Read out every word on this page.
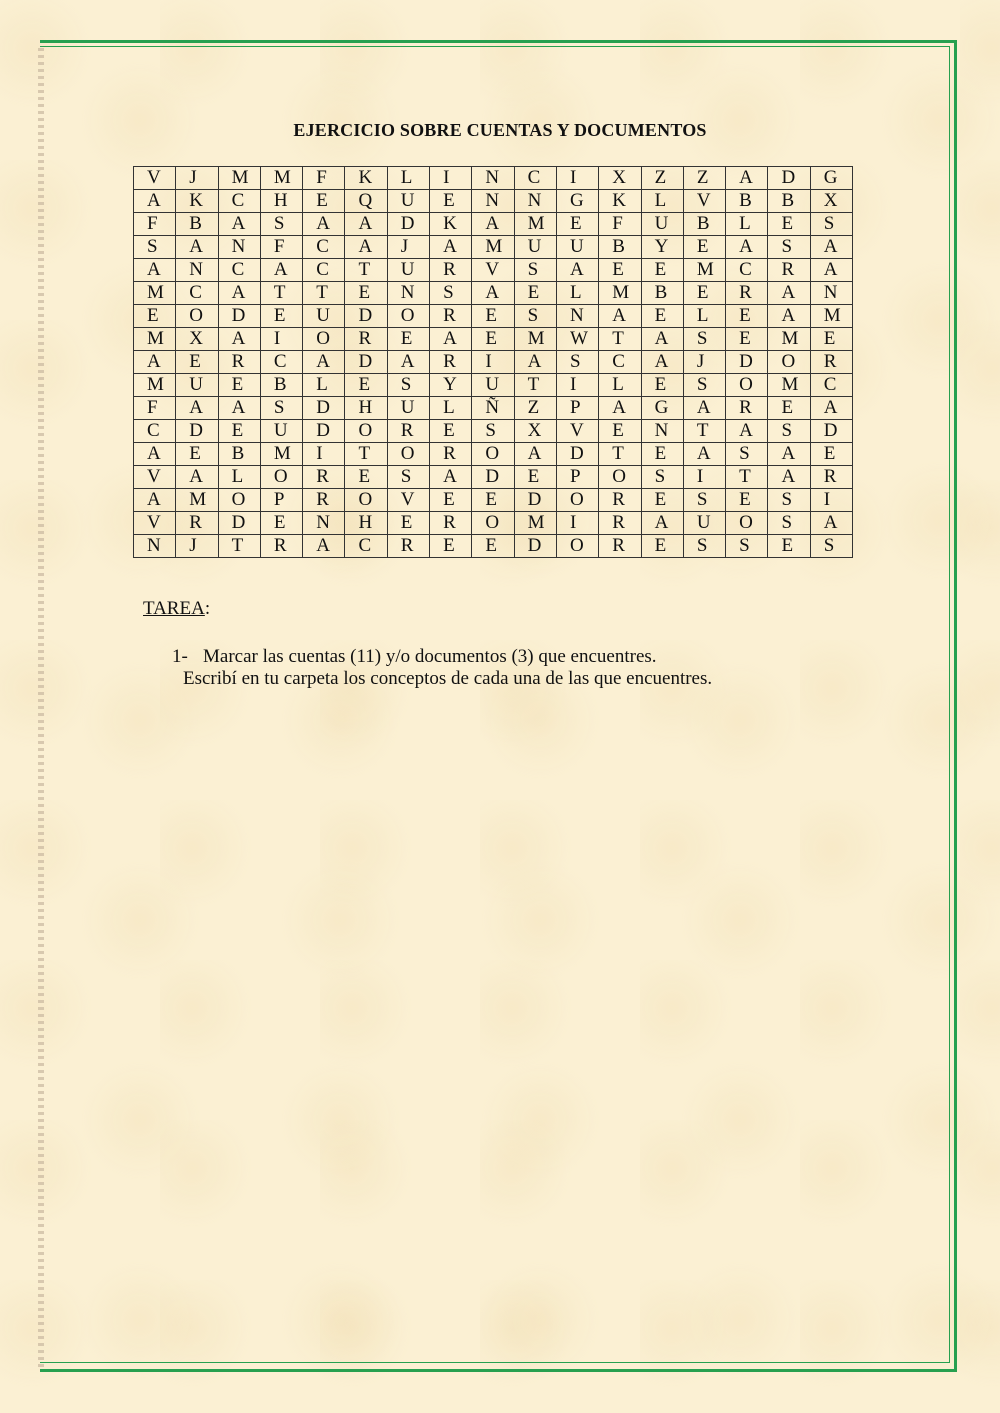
EJERCICIO SOBRE CUENTAS Y DOCUMENTOS
V	J	M	M	F	K	L	I	N	C	I	X	Z	Z	A	D	G
A	K	C	H	E	Q	U	E	N	N	G	K	L	V	B	B	X
F	B	A	S	A	A	D	K	A	M	E	F	U	B	L	E	S
S	A	N	F	C	A	J	A	M	U	U	B	Y	E	A	S	A
A	N	C	A	C	T	U	R	V	S	A	E	E	M	C	R	A
M	C	A	T	T	E	N	S	A	E	L	M	B	E	R	A	N
E	O	D	E	U	D	O	R	E	S	N	A	E	L	E	A	M
M	X	A	I	O	R	E	A	E	M	W	T	A	S	E	M	E
A	E	R	C	A	D	A	R	I	A	S	C	A	J	D	O	R
M	U	E	B	L	E	S	Y	U	T	I	L	E	S	O	M	C
F	A	A	S	D	H	U	L	Ñ	Z	P	A	G	A	R	E	A
C	D	E	U	D	O	R	E	S	X	V	E	N	T	A	S	D
A	E	B	M	I	T	O	R	O	A	D	T	E	A	S	A	E
V	A	L	O	R	E	S	A	D	E	P	O	S	I	T	A	R
A	M	O	P	R	O	V	E	E	D	O	R	E	S	E	S	I
V	R	D	E	N	H	E	R	O	M	I	R	A	U	O	S	A
N	J	T	R	A	C	R	E	E	D	O	R	E	S	S	E	S
TAREA:
1- Marcar las cuentas (11) y/o documentos (3) que encuentres.
Escribí en tu carpeta los conceptos de cada una de las que encuentres.
